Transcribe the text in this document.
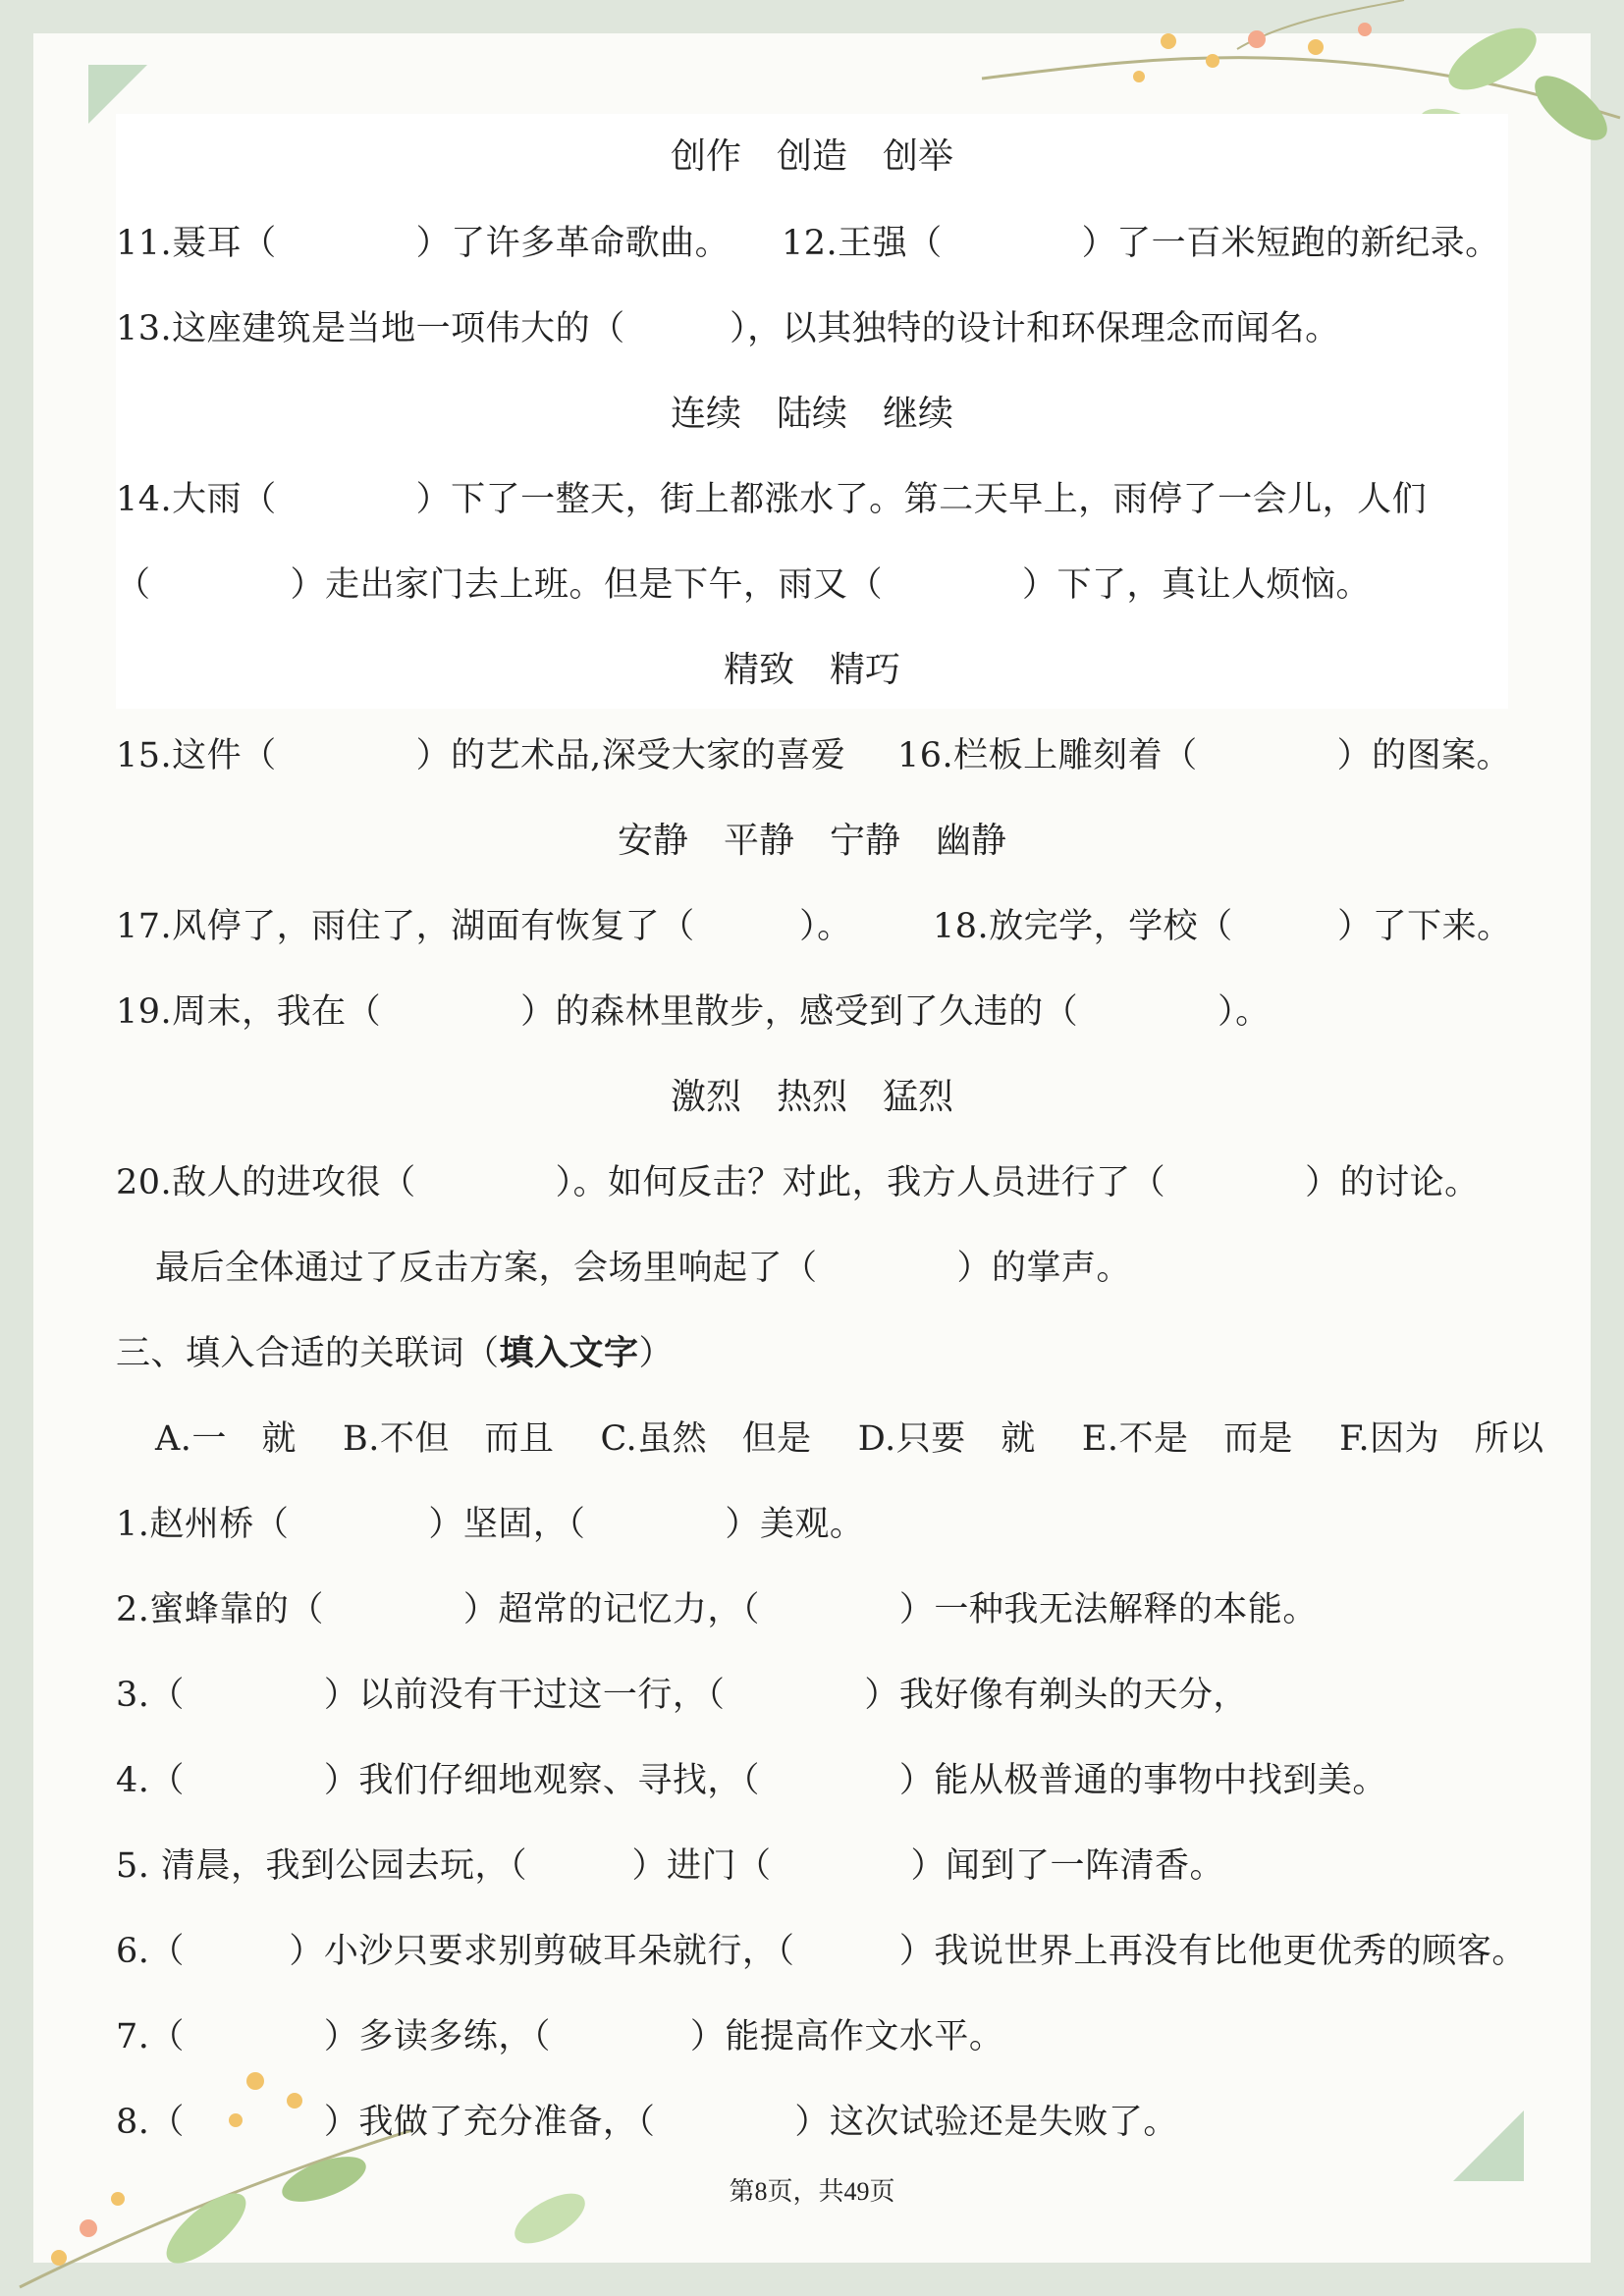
创作　创造　创举
11.聂耳（　　　　）了许多革命歌曲。 12.王强（　　　　）了一百米短跑的新纪录。
13.这座建筑是当地一项伟大的（　　　），以其独特的设计和环保理念而闻名。
连续　陆续　继续
14.大雨（　　　　）下了一整天，街上都涨水了。第二天早上，雨停了一会儿，人们
（　　　　）走出家门去上班。但是下午，雨又（　　　　）下了，真让人烦恼。
精致　精巧
15.这件（　　　　）的艺术品,深受大家的喜爱 16.栏板上雕刻着（　　　　）的图案。
安静　平静　宁静　幽静
17.风停了，雨住了，湖面有恢复了（　　　）。 18.放完学，学校（　　　）了下来。
19.周末，我在（　　　　）的森林里散步，感受到了久违的（　　　　）。
激烈　热烈　猛烈
20.敌人的进攻很（　　　　）。如何反击？对此，我方人员进行了（　　　　）的讨论。
最后全体通过了反击方案，会场里响起了（　　　　）的掌声。
三、填入合适的关联词（填入文字）
A.一　就　 B.不但　而且　 C.虽然　但是　 D.只要　就　 E.不是　而是　 F.因为　所以
1.赵州桥（　　　　）坚固，（　　　　）美观。
2.蜜蜂靠的（　　　　）超常的记忆力，（　　　　）一种我无法解释的本能。
3.（　　　　）以前没有干过这一行，（　　　　）我好像有剃头的天分，
4.（　　　　）我们仔细地观察、寻找，（　　　　）能从极普通的事物中找到美。
5. 清晨，我到公园去玩，（　　　）进门（　　　　）闻到了一阵清香。
6.（　　　）小沙只要求别剪破耳朵就行，（　　　）我说世界上再没有比他更优秀的顾客。
7.（　　　　）多读多练，（　　　　）能提高作文水平。
8.（　　　　）我做了充分准备，（　　　　）这次试验还是失败了。
第8页，共49页
